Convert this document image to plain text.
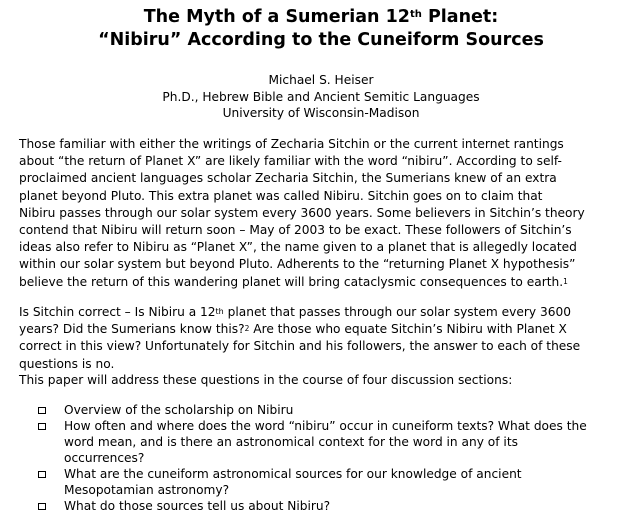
The Myth of a Sumerian 12th Planet:
“Nibiru” According to the Cuneiform Sources
Michael S. Heiser
Ph.D., Hebrew Bible and Ancient Semitic Languages
University of Wisconsin-Madison
Those familiar with either the writings of Zecharia Sitchin or the current internet rantings
about “the return of Planet X” are likely familiar with the word “nibiru”. According to self-
proclaimed ancient languages scholar Zecharia Sitchin, the Sumerians knew of an extra
planet beyond Pluto. This extra planet was called Nibiru. Sitchin goes on to claim that
Nibiru passes through our solar system every 3600 years. Some believers in Sitchin’s theory
contend that Nibiru will return soon – May of 2003 to be exact. These followers of Sitchin’s
ideas also refer to Nibiru as “Planet X”, the name given to a planet that is allegedly located
within our solar system but beyond Pluto. Adherents to the “returning Planet X hypothesis”
believe the return of this wandering planet will bring cataclysmic consequences to earth.$^1$
Is Sitchin correct – Is Nibiru a 12th planet that passes through our solar system every 3600
years? Did the Sumerians know this?$^2$ Are those who equate Sitchin’s Nibiru with Planet X
correct in this view? Unfortunately for Sitchin and his followers, the answer to each of these
questions is no.
This paper will address these questions in the course of four discussion sections:
Overview of the scholarship on Nibiru
How often and where does the word “nibiru” occur in cuneiform texts? What does the
word mean, and is there an astronomical context for the word in any of its
occurrences?
What are the cuneiform astronomical sources for our knowledge of ancient
Mesopotamian astronomy?
What do those sources tell us about Nibiru?
